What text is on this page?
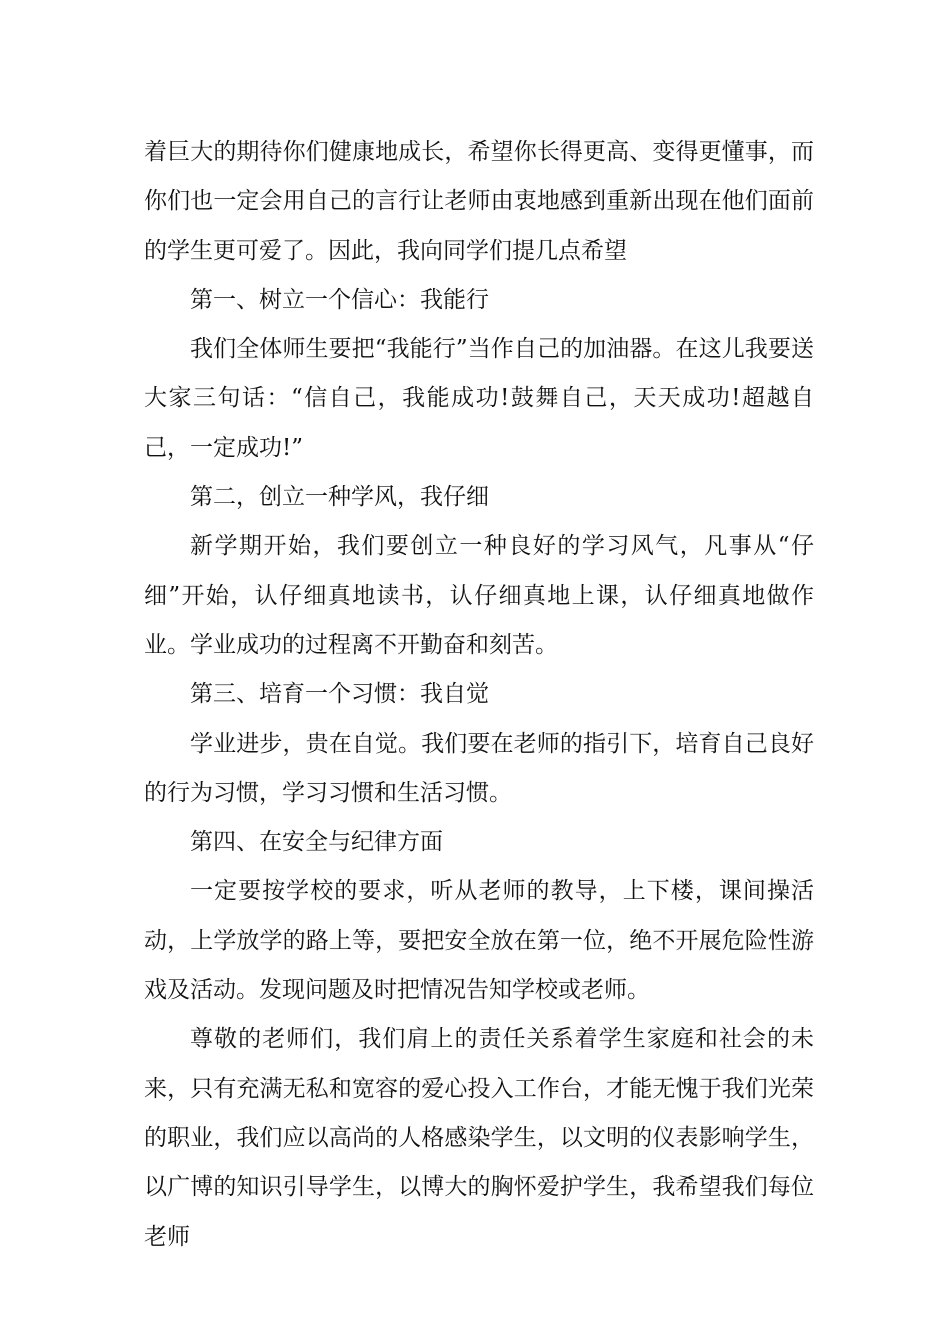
着巨大的期待你们健康地成长，希望你长得更高、变得更懂事，而你们也一定会用自己的言行让老师由衷地感到重新出现在他们面前的学生更可爱了。因此，我向同学们提几点希望

第一、树立一个信心：我能行

我们全体师生要把“我能行”当作自己的加油器。在这儿我要送大家三句话：“信自己，我能成功!鼓舞自己，天天成功!超越自己，一定成功!”

第二，创立一种学风，我仔细

新学期开始，我们要创立一种良好的学习风气，凡事从“仔细”开始，认仔细真地读书，认仔细真地上课，认仔细真地做作业。学业成功的过程离不开勤奋和刻苦。

第三、培育一个习惯：我自觉

学业进步，贵在自觉。我们要在老师的指引下，培育自己良好的行为习惯，学习习惯和生活习惯。

第四、在安全与纪律方面

一定要按学校的要求，听从老师的教导，上下楼，课间操活动，上学放学的路上等，要把安全放在第一位，绝不开展危险性游戏及活动。发现问题及时把情况告知学校或老师。

尊敬的老师们，我们肩上的责任关系着学生家庭和社会的未来，只有充满无私和宽容的爱心投入工作台，才能无愧于我们光荣的职业，我们应以高尚的人格感染学生，以文明的仪表影响学生，以广博的知识引导学生，以博大的胸怀爱护学生，我希望我们每位老师
